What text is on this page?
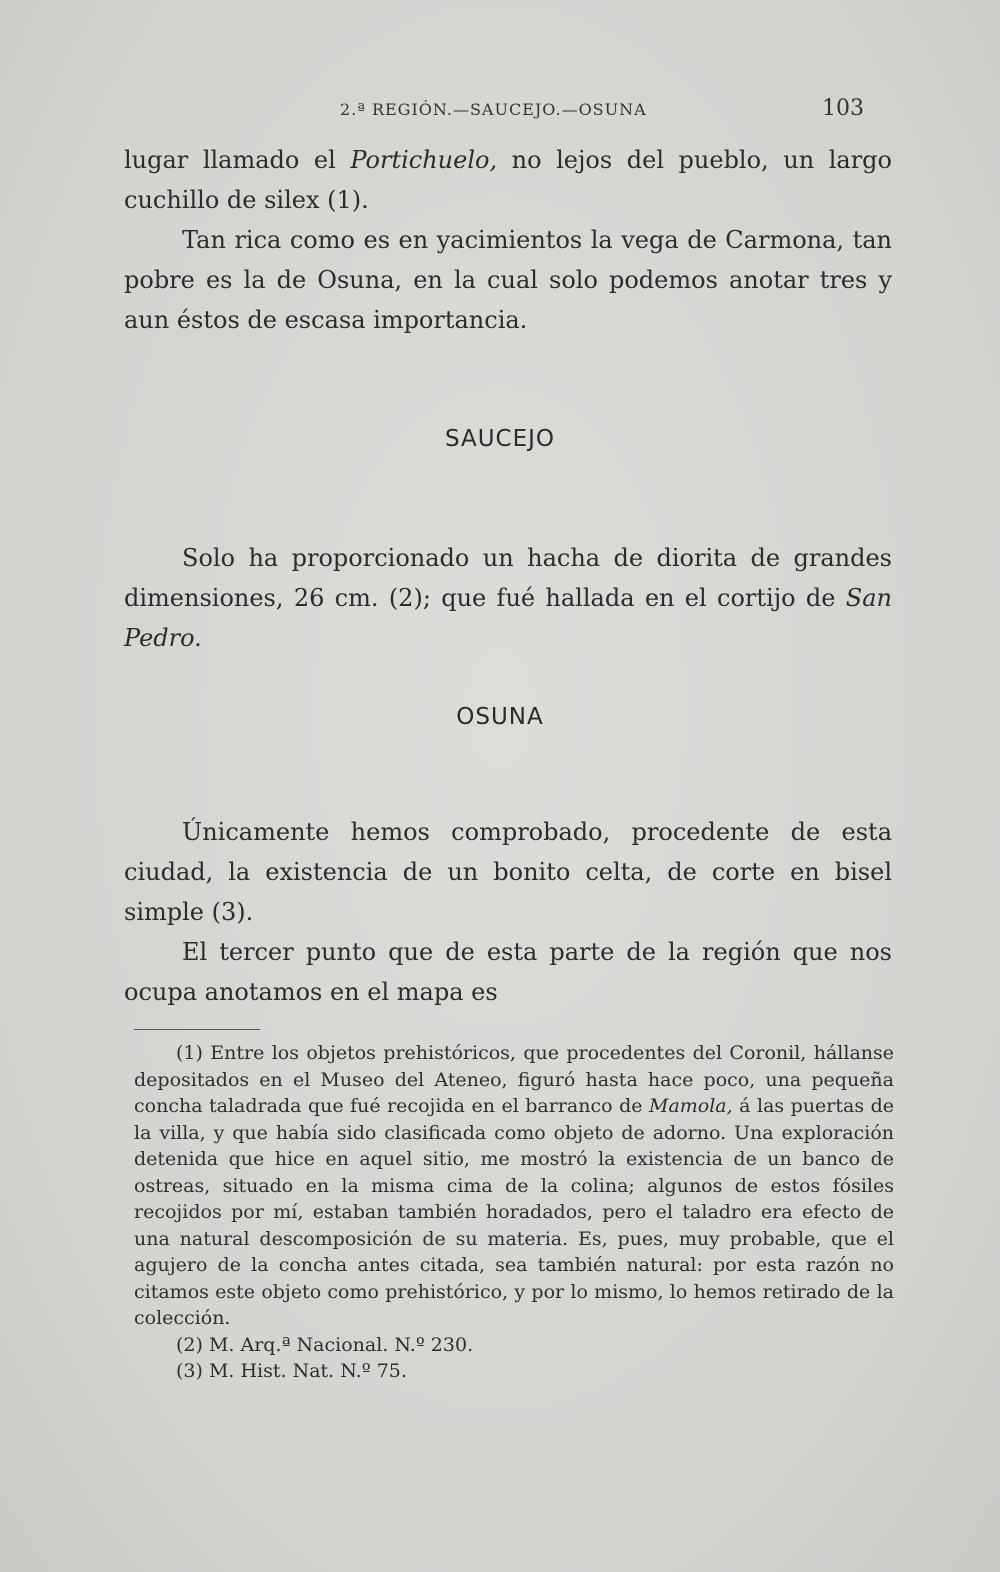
2.ª REGIÓN.—SAUCEJO.—OSUNA	103

lugar llamado el Portichuelo, no lejos del pueblo, un largo cuchillo de silex (1).

Tan rica como es en yacimientos la vega de Carmona, tan pobre es la de Osuna, en la cual solo podemos anotar tres y aun éstos de escasa importancia.

SAUCEJO

Solo ha proporcionado un hacha de diorita de grandes dimensiones, 26 cm. (2); que fué hallada en el cortijo de San Pedro.

OSUNA

Únicamente hemos comprobado, procedente de esta ciudad, la existencia de un bonito celta, de corte en bisel simple (3).

El tercer punto que de esta parte de la región que nos ocupa anotamos en el mapa es

(1) Entre los objetos prehistóricos, que procedentes del Coronil, hállanse depositados en el Museo del Ateneo, figuró hasta hace poco, una pequeña concha taladrada que fué recojida en el barranco de Mamola, á las puertas de la villa, y que había sido clasificada como objeto de adorno. Una exploración detenida que hice en aquel sitio, me mostró la existencia de un banco de ostreas, situado en la misma cima de la colina; algunos de estos fósiles recojidos por mí, estaban también horadados, pero el taladro era efecto de una natural descomposición de su materia. Es, pues, muy probable, que el agujero de la concha antes citada, sea también natural: por esta razón no citamos este objeto como prehistórico, y por lo mismo, lo hemos retirado de la colección.

(2) M. Arq.ª Nacional. N.º 230.

(3) M. Hist. Nat. N.º 75.
